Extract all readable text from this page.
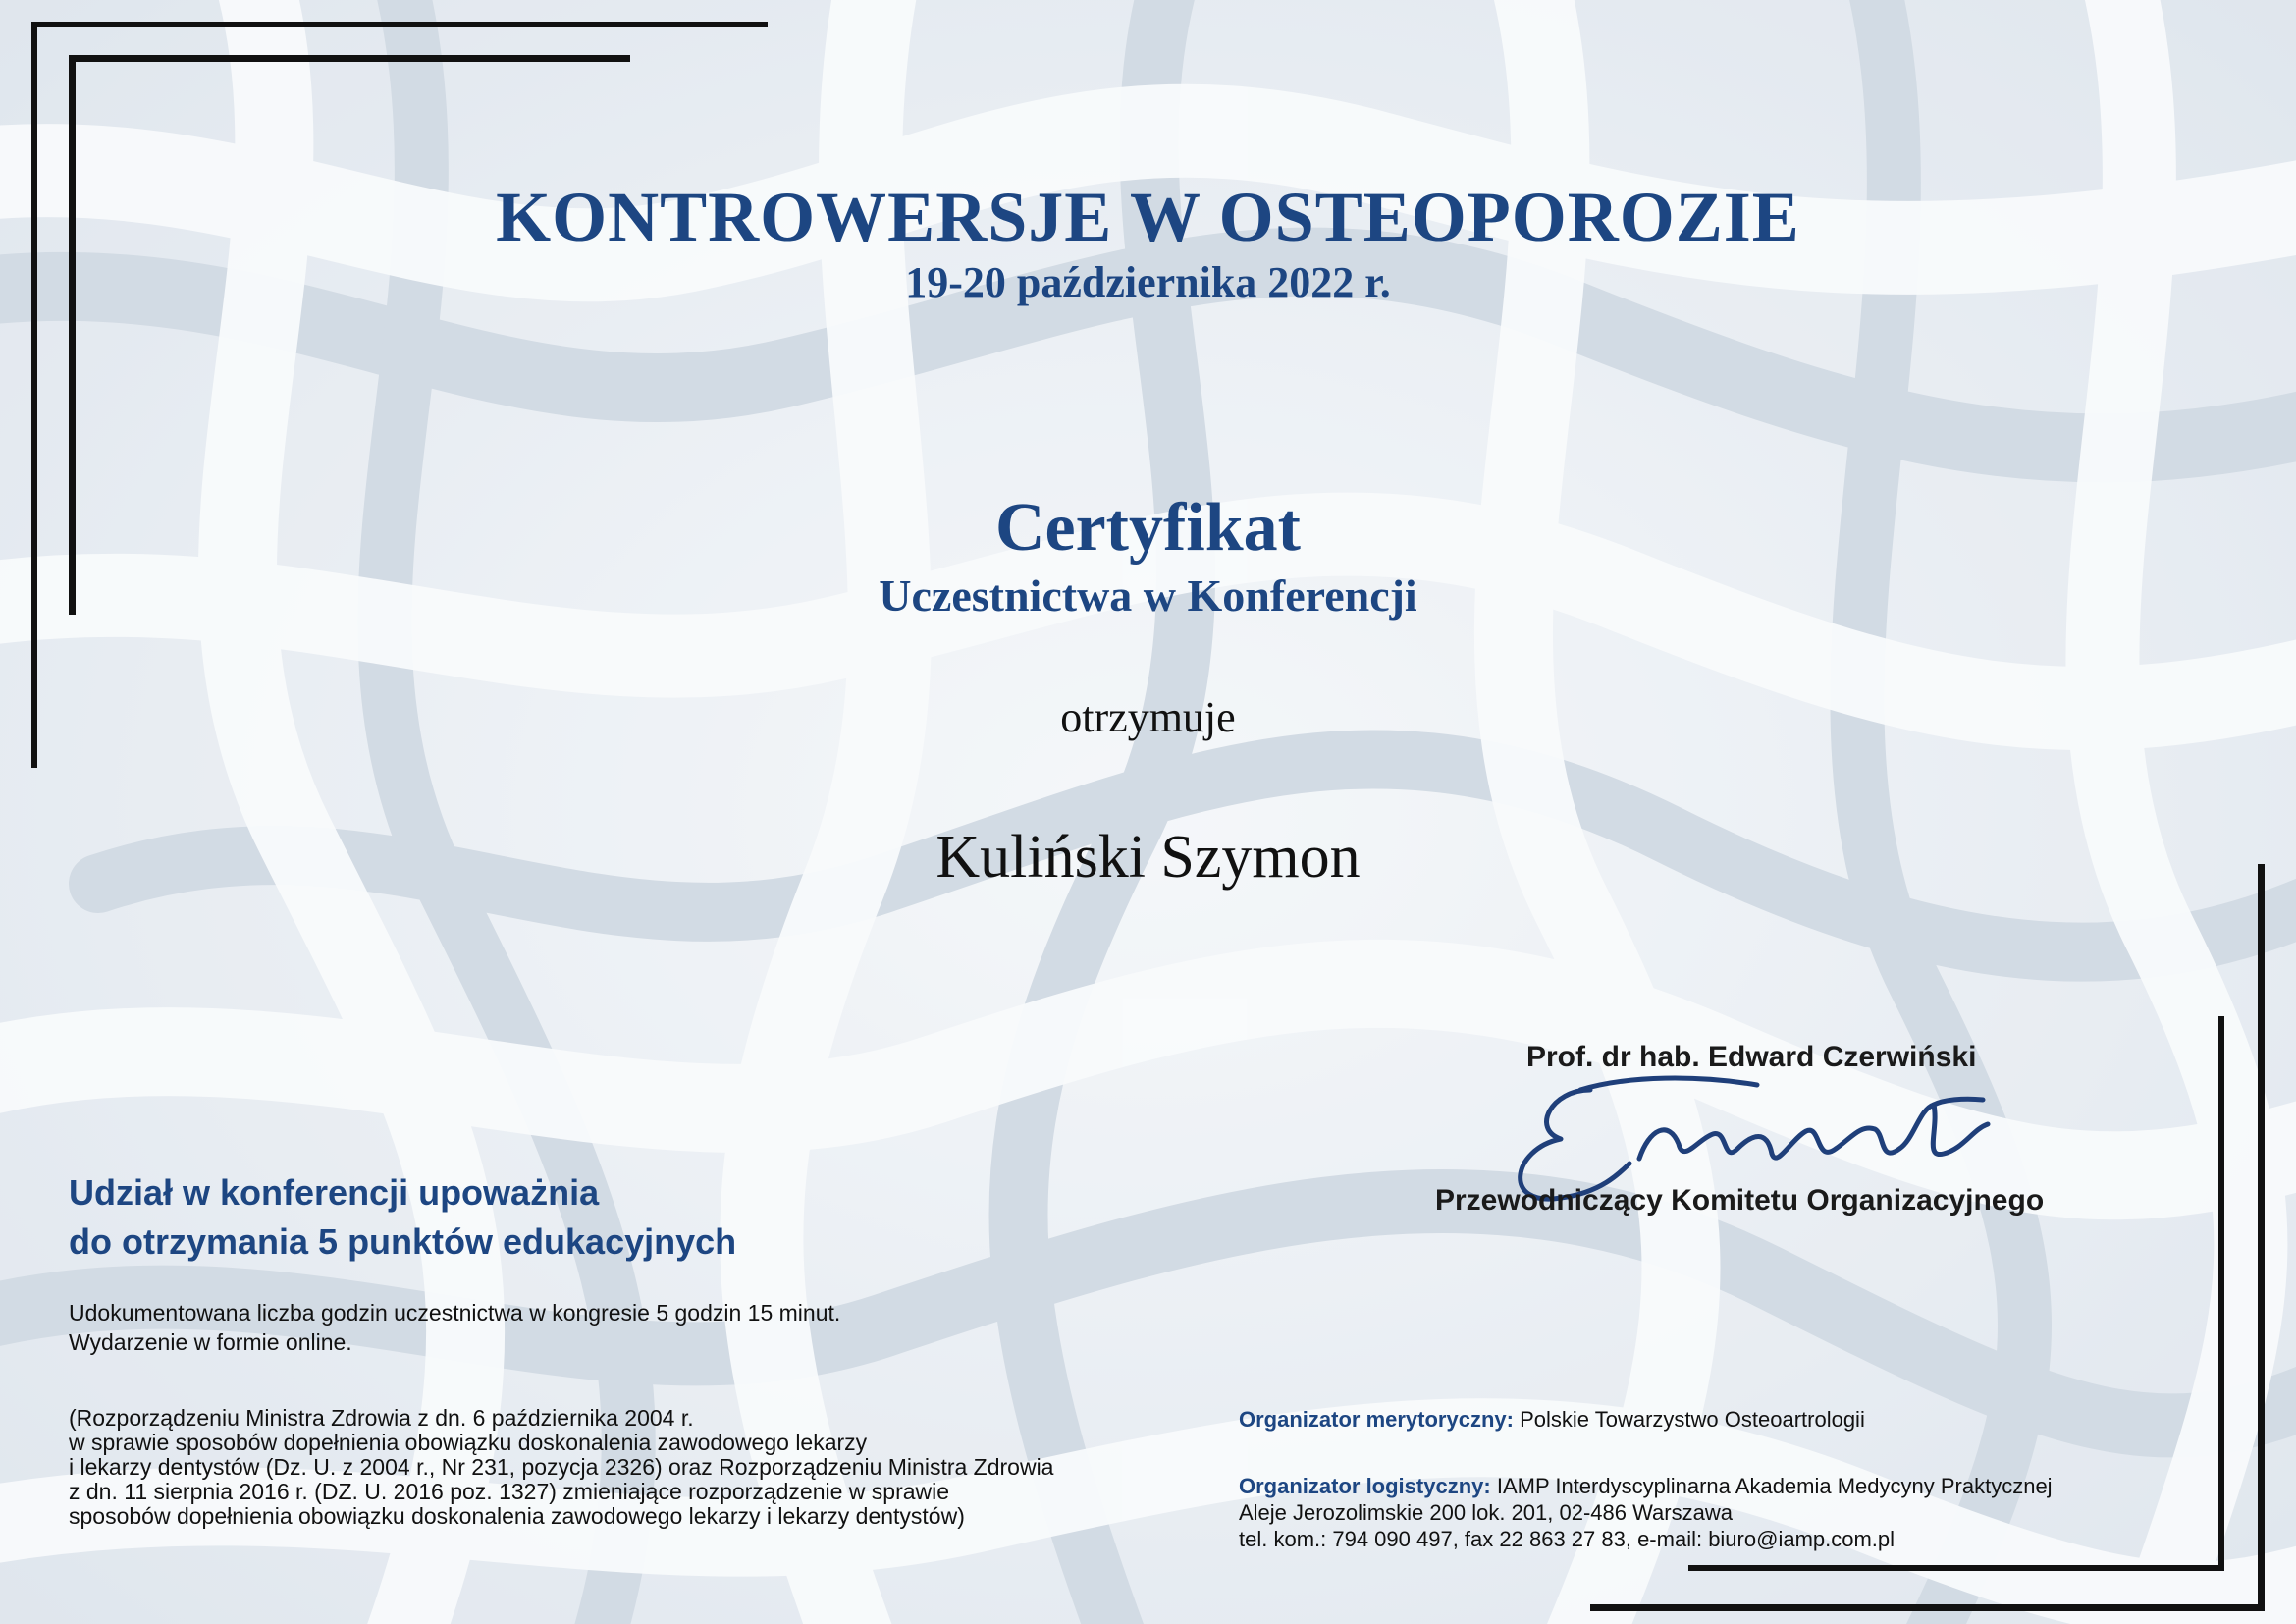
KONTROWERSJE W OSTEOPOROZIE
19-20 października 2022 r.
Certyfikat
Uczestnictwa w Konferencji
otrzymuje
Kuliński Szymon
Udział w konferencji upoważnia
do otrzymania 5 punktów edukacyjnych
Udokumentowana liczba godzin uczestnictwa w kongresie 5 godzin 15 minut.
Wydarzenie w formie online.
(Rozporządzeniu Ministra Zdrowia z dn. 6 października 2004 r.
w sprawie sposobów dopełnienia obowiązku doskonalenia zawodowego lekarzy
i lekarzy dentystów (Dz. U. z 2004 r., Nr 231, pozycja 2326) oraz Rozporządzeniu Ministra Zdrowia
z dn. 11 sierpnia 2016 r. (DZ. U. 2016 poz. 1327) zmieniające rozporządzenie w sprawie
sposobów dopełnienia obowiązku doskonalenia zawodowego lekarzy i lekarzy dentystów)
Prof. dr hab. Edward Czerwiński
Przewodniczący Komitetu Organizacyjnego
Organizator merytoryczny: Polskie Towarzystwo Osteoartrologii
Organizator logistyczny: IAMP Interdyscyplinarna Akademia Medycyny Praktycznej
Aleje Jerozolimskie 200 lok. 201, 02-486 Warszawa
tel. kom.: 794 090 497, fax 22 863 27 83, e-mail: biuro@iamp.com.pl
